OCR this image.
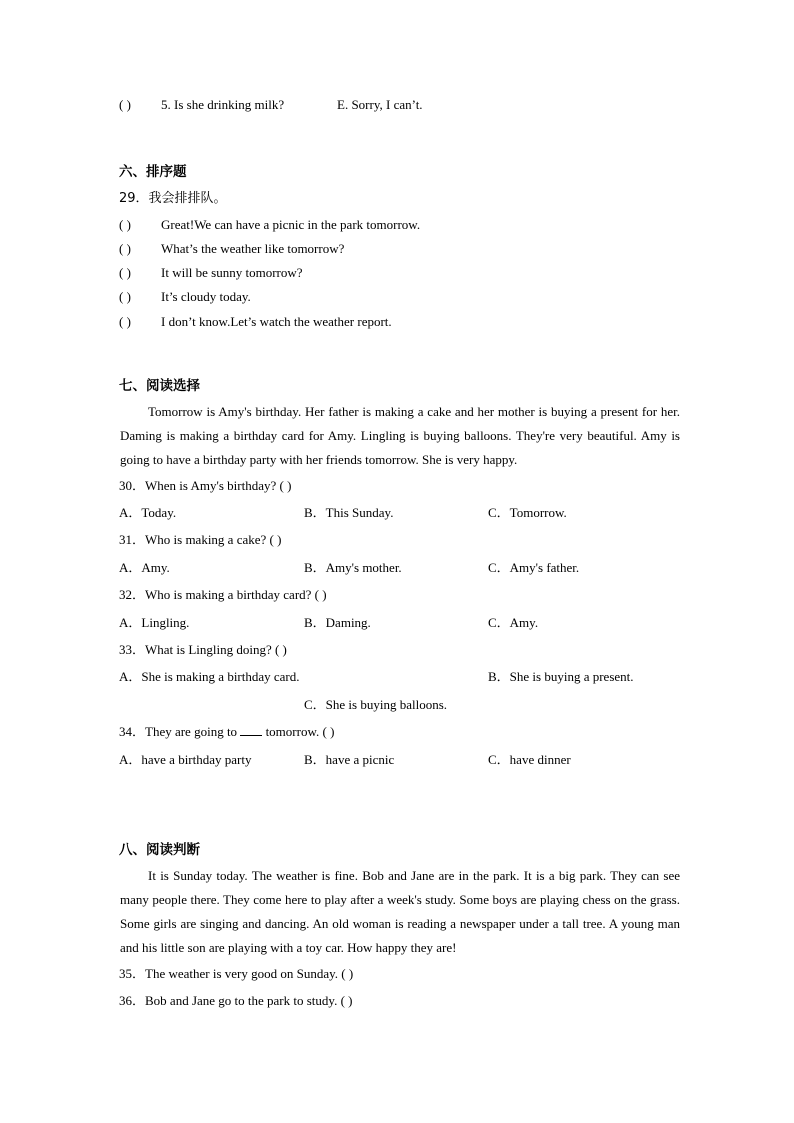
( ) 5. Is she drinking milk?	E. Sorry, I can’t.
六、排序题
29．我会排排队。
( ) Great!We can have a picnic in the park tomorrow.
( ) What’s the weather like tomorrow?
( ) It will be sunny tomorrow?
( ) It’s cloudy today.
( ) I don’t know.Let’s watch the weather report.
七、阅读选择
Tomorrow is Amy's birthday. Her father is making a cake and her mother is buying a present for her. Daming is making a birthday card for Amy. Lingling is buying balloons. They're very beautiful. Amy is going to have a birthday party with her friends tomorrow. She is very happy.
30．When is Amy's birthday? ( )
A．Today.	B．This Sunday.	C．Tomorrow.
31．Who is making a cake? ( )
A．Amy.	B．Amy's mother.	C．Amy's father.
32．Who is making a birthday card? ( )
A．Lingling.	B．Daming.	C．Amy.
33．What is Lingling doing? ( )
A．She is making a birthday card.	B．She is buying a present.
C．She is buying balloons.
34．They are going to  tomorrow. ( )
A．have a birthday party	B．have a picnic	C．have dinner
八、阅读判断
It is Sunday today. The weather is fine. Bob and Jane are in the park. It is a big park. They can see many people there. They come here to play after a week's study. Some boys are playing chess on the grass. Some girls are singing and dancing. An old woman is reading a newspaper under a tall tree. A young man and his little son are playing with a toy car. How happy they are!
35．The weather is very good on Sunday. ( )
36．Bob and Jane go to the park to study. ( )
